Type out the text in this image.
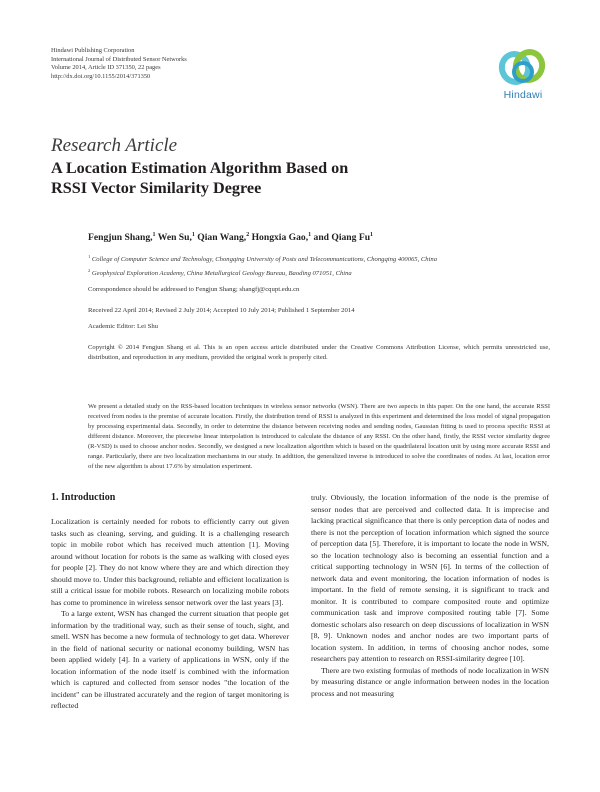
Hindawi Publishing Corporation
International Journal of Distributed Sensor Networks
Volume 2014, Article ID 371350, 22 pages
http://dx.doi.org/10.1155/2014/371350
Hindawi
Research Article
A Location Estimation Algorithm Based on
RSSI Vector Similarity Degree
Fengjun Shang,$^1$ Wen Su,$^1$ Qian Wang,$^2$ Hongxia Gao,$^1$ and Qiang Fu$^1$
$^1$ College of Computer Science and Technology, Chongqing University of Posts and Telecommunications, Chongqing 400065, China
$^2$ Geophysical Exploration Academy, China Metallurgical Geology Bureau, Baoding 071051, China
Correspondence should be addressed to Fengjun Shang; shangfj@cqupt.edu.cn
Received 22 April 2014; Revised 2 July 2014; Accepted 10 July 2014; Published 1 September 2014
Academic Editor: Lei Shu
Copyright © 2014 Fengjun Shang et al. This is an open access article distributed under the Creative Commons Attribution License, which permits unrestricted use, distribution, and reproduction in any medium, provided the original work is properly cited.
We present a detailed study on the RSS-based location techniques in wireless sensor networks (WSN). There are two aspects in this paper. On the one hand, the accurate RSSI received from nodes is the premise of accurate location. Firstly, the distribution trend of RSSI is analyzed in this experiment and determined the loss model of signal propagation by processing experimental data. Secondly, in order to determine the distance between receiving nodes and sending nodes, Gaussian fitting is used to process specific RSSI at different distance. Moreover, the piecewise linear interpolation is introduced to calculate the distance of any RSSI. On the other hand, firstly, the RSSI vector similarity degree (R-VSD) is used to choose anchor nodes. Secondly, we designed a new localization algorithm which is based on the quadrilateral location unit by using more accurate RSSI and range. Particularly, there are two localization mechanisms in our study. In addition, the generalized inverse is introduced to solve the coordinates of nodes. At last, location error of the new algorithm is about 17.6% by simulation experiment.
1. Introduction
Localization is certainly needed for robots to efficiently carry out given tasks such as cleaning, serving, and guiding. It is a challenging research topic in mobile robot which has received much attention [1]. Moving around without location for robots is the same as walking with closed eyes for people [2]. They do not know where they are and which direction they should move to. Under this background, reliable and efficient localization is still a critical issue for mobile robots. Research on localizing mobile robots has come to prominence in wireless sensor network over the last years [3].
To a large extent, WSN has changed the current situation that people get information by the traditional way, such as their sense of touch, sight, and smell. WSN has become a new formula of technology to get data. Wherever in the field of national security or national economy building, WSN has been applied widely [4]. In a variety of applications in WSN, only if the location information of the node itself is combined with the information which is captured and collected from sensor nodes "the location of the incident" can be illustrated accurately and the region of target monitoring is reflected
truly. Obviously, the location information of the node is the premise of sensor nodes that are perceived and collected data. It is imprecise and lacking practical significance that there is only perception data of nodes and there is not the perception of location information which signed the source of perception data [5]. Therefore, it is important to locate the node in WSN, so the location technology also is becoming an essential function and a critical supporting technology in WSN [6]. In terms of the collection of network data and event monitoring, the location information of nodes is important. In the field of remote sensing, it is significant to track and monitor. It is contributed to compare composited route and optimize communication task and improve composited routing table [7]. Some domestic scholars also research on deep discussions of localization in WSN [8, 9]. Unknown nodes and anchor nodes are two important parts of location system. In addition, in terms of choosing anchor nodes, some researchers pay attention to research on RSSI-similarity degree [10].
There are two existing formulas of methods of node localization in WSN by measuring distance or angle information between nodes in the location process and not measuring
